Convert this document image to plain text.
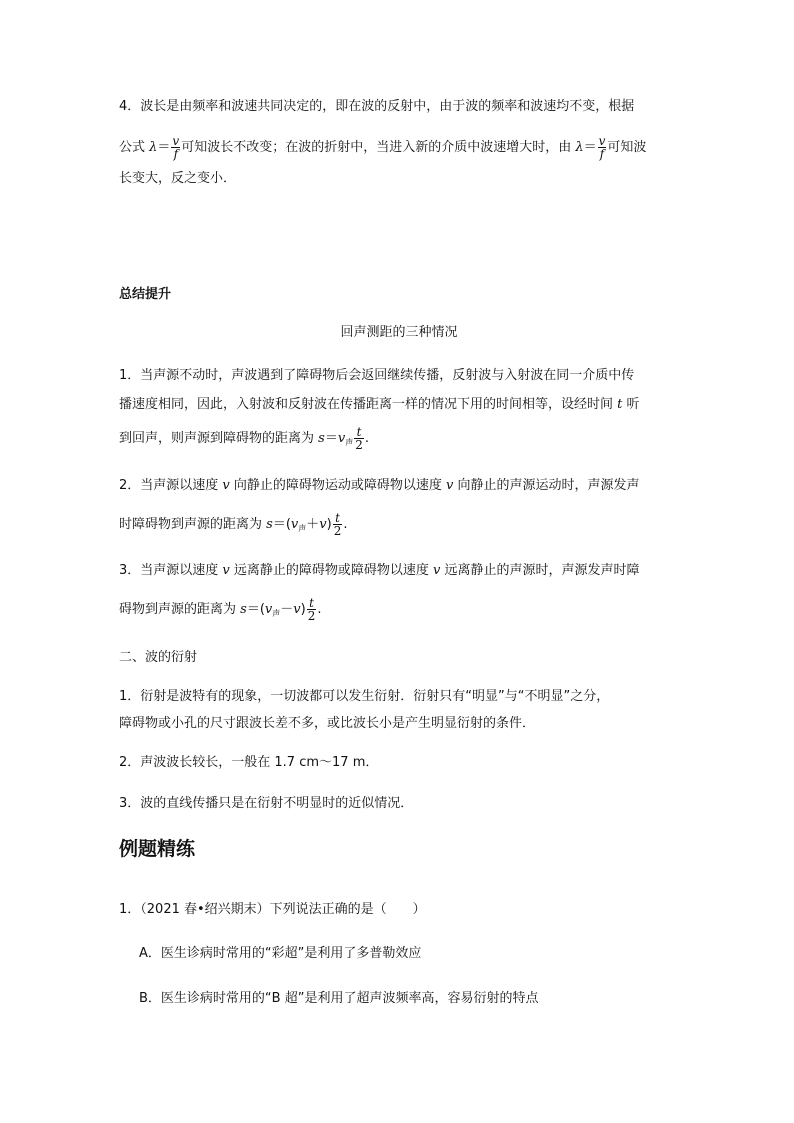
4．波长是由频率和波速共同决定的，即在波的反射中，由于波的频率和波速均不变，根据
公式 $\lambda= \frac{v}{f}$ 可知波长不改变；在波的折射中，当进入新的介质中波速增大时，由 $\lambda= \frac{v}{f}$ 可知波
长变大，反之变小．
总结提升
回声测距的三种情况
1．当声源不动时，声波遇到了障碍物后会返回继续传播，反射波与入射波在同一介质中传
播速度相同，因此，入射波和反射波在传播距离一样的情况下用的时间相等，设经时间 t 听
到回声，则声源到障碍物的距离为 $s=v_声 \frac{t}{2}$ .
2．当声源以速度 v 向静止的障碍物运动或障碍物以速度 v 向静止的声源运动时，声源发声
时障碍物到声源的距离为 $s=(v_声+v) \frac{t}{2}$ .
3．当声源以速度 v 远离静止的障碍物或障碍物以速度 v 远离静止的声源时，声源发声时障
碍物到声源的距离为 $s=(v_声-v) \frac{t}{2}$ .
二、波的衍射
1．衍射是波特有的现象，一切波都可以发生衍射．衍射只有“明显”与“不明显”之分，
障碍物或小孔的尺寸跟波长差不多，或比波长小是产生明显衍射的条件．
2．声波波长较长，一般在 1.7 cm～17 m．
3．波的直线传播只是在衍射不明显时的近似情况．
例题精练
1．（2021 春•绍兴期末）下列说法正确的是（　　）
A．医生诊病时常用的“彩超”是利用了多普勒效应
B．医生诊病时常用的“B 超”是利用了超声波频率高，容易衍射的特点
